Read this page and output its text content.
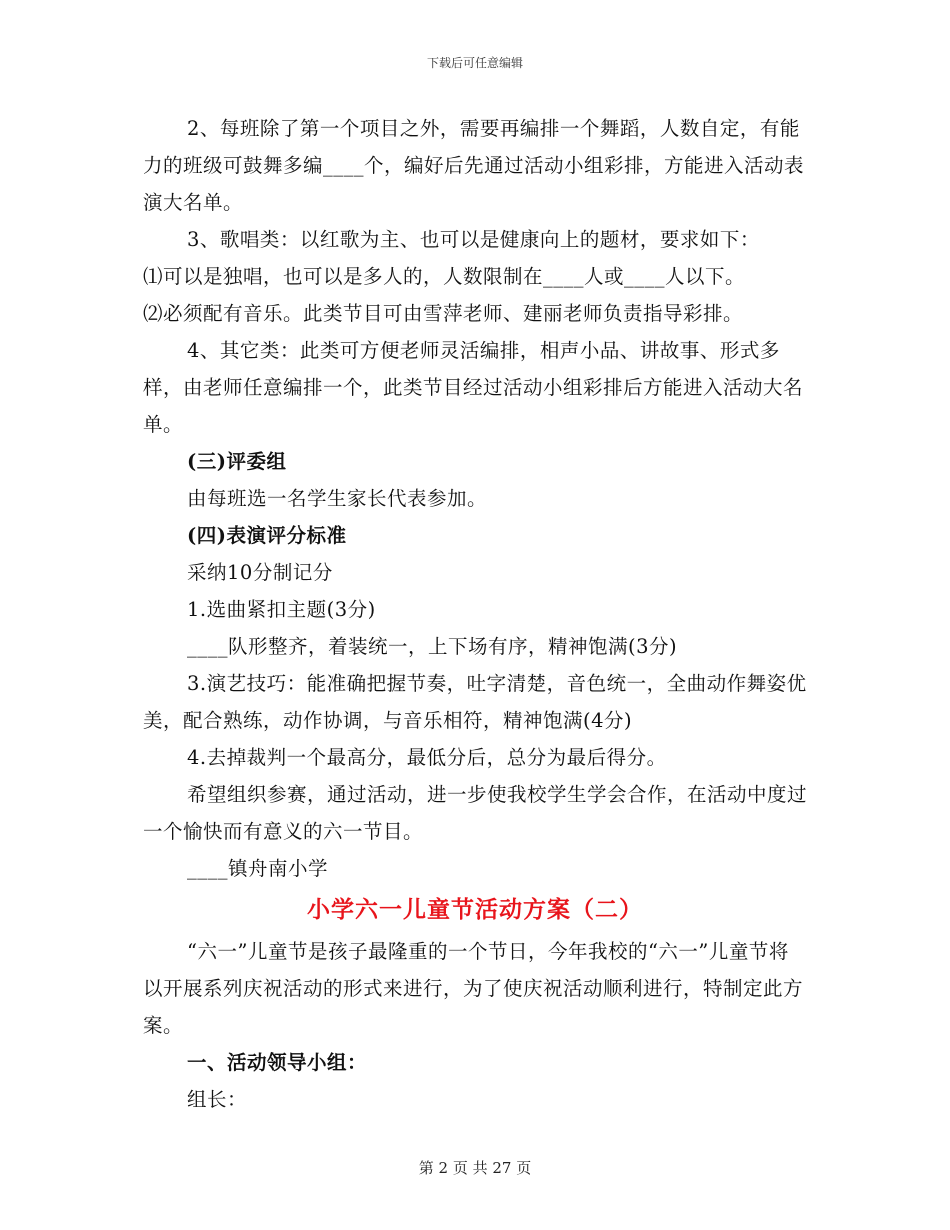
下载后可任意编辑

2、每班除了第一个项目之外，需要再编排一个舞蹈，人数自定，有能力的班级可鼓舞多编____个，编好后先通过活动小组彩排，方能进入活动表演大名单。

3、歌唱类：以红歌为主、也可以是健康向上的题材，要求如下：

⑴可以是独唱，也可以是多人的，人数限制在____人或____人以下。

⑵必须配有音乐。此类节目可由雪萍老师、建丽老师负责指导彩排。

4、其它类：此类可方便老师灵活编排，相声小品、讲故事、形式多样，由老师任意编排一个，此类节目经过活动小组彩排后方能进入活动大名单。

(三)评委组

由每班选一名学生家长代表参加。

(四)表演评分标准

采纳10分制记分

1.选曲紧扣主题(3分)

____队形整齐，着装统一，上下场有序，精神饱满(3分)

3.演艺技巧：能准确把握节奏，吐字清楚，音色统一，全曲动作舞姿优美，配合熟练，动作协调，与音乐相符，精神饱满(4分)

4.去掉裁判一个最高分，最低分后，总分为最后得分。

希望组织参赛，通过活动，进一步使我校学生学会合作，在活动中度过一个愉快而有意义的六一节目。

____镇舟南小学

小学六一儿童节活动方案（二）

“六一”儿童节是孩子最隆重的一个节日，今年我校的“六一”儿童节将以开展系列庆祝活动的形式来进行，为了使庆祝活动顺利进行，特制定此方案。

一、活动领导小组：

组长：

第 2 页 共 27 页
